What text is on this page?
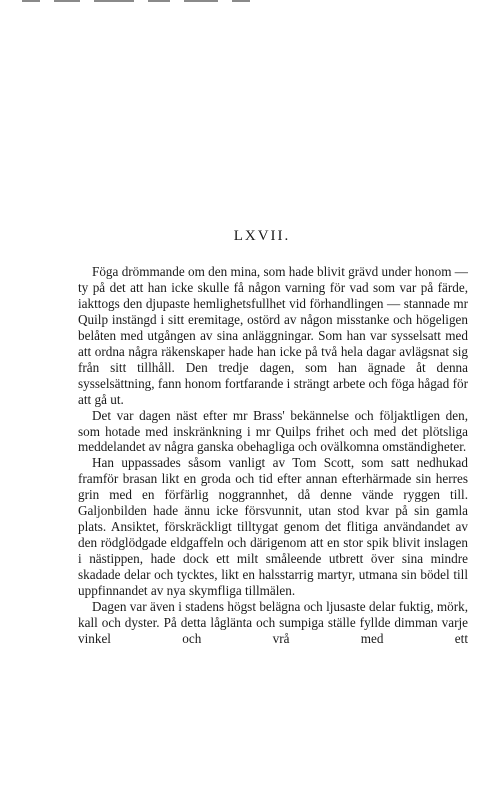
LXVII.

Föga drömmande om den mina, som hade blivit grävd under honom — ty på det att han icke skulle få någon varning för vad som var på färde, iakttogs den djupaste hemlighetsfullhet vid förhandlingen — stannade mr Quilp instängd i sitt eremitage, ostörd av någon misstanke och högeligen belåten med utgången av sina anläggningar. Som han var sysselsatt med att ordna några räkenskaper hade han icke på två hela dagar avlägsnat sig från sitt tillhåll. Den tredje dagen, som han ägnade åt denna sysselsättning, fann honom fortfarande i strängt arbete och föga hågad för att gå ut.

Det var dagen näst efter mr Brass' bekännelse och följaktligen den, som hotade med inskränkning i mr Quilps frihet och med det plötsliga meddelandet av några ganska obehagliga och ovälkomna omständigheter.

Han uppassades såsom vanligt av Tom Scott, som satt nedhukad framför brasan likt en groda och tid efter annan efterhärmade sin herres grin med en förfärlig noggrannhet, då denne vände ryggen till. Galjonbilden hade ännu icke försvunnit, utan stod kvar på sin gamla plats. Ansiktet, förskräckligt tilltygat genom det flitiga användandet av den rödglödgade eldgaffeln och därigenom att en stor spik blivit inslagen i nästippen, hade dock ett milt småleende utbrett över sina mindre skadade delar och tycktes, likt en halsstarrig martyr, utmana sin bödel till uppfinnandet av nya skymfliga tillmälen.

Dagen var även i stadens högst belägna och ljusaste delar fuktig, mörk, kall och dyster. På detta låglänta och sumpiga ställe fyllde dimman varje vinkel och vrå med ett
